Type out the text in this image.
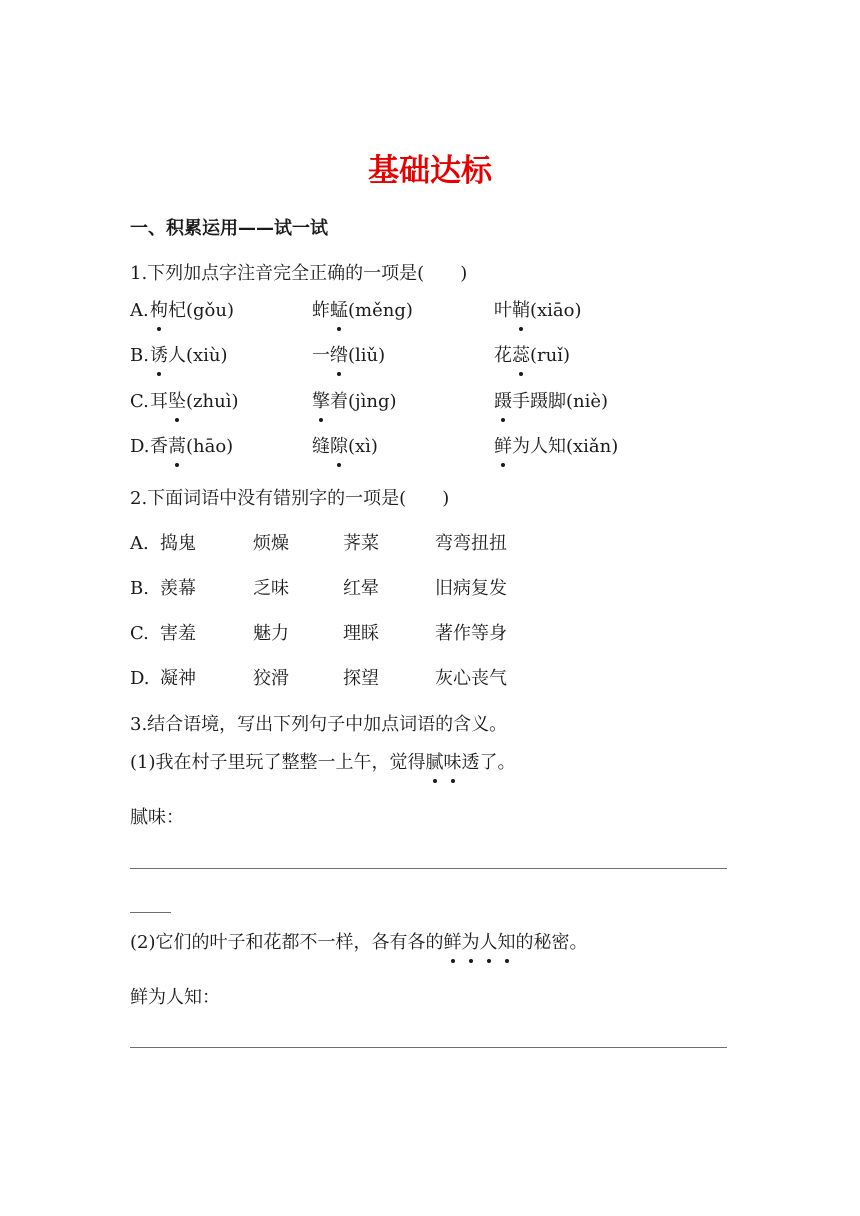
基础达标
一、积累运用——试一试
1.下列加点字注音完全正确的一项是(　　)
A. 枸杞(gǒu)	蚱蜢(měng)	叶鞘(xiāo)
B. 诱人(xiù)	一绺(liǔ)	花蕊(ruǐ)
C. 耳坠(zhuì)	擎着(jìng)	蹑手蹑脚(niè)
D. 香蒿(hāo)	缝隙(xì)	鲜为人知(xiǎn)
2.下面词语中没有错别字的一项是(　　)
A. 捣鬼	烦燥	荠菜	弯弯扭扭
B. 羡幕	乏味	红晕	旧病复发
C. 害羞	魅力	理睬	著作等身
D. 凝神	狡滑	探望	灰心丧气
3.结合语境，写出下列句子中加点词语的含义。
(1)我在村子里玩了整整一上午，觉得腻味透了。
腻味：
(2)它们的叶子和花都不一样，各有各的鲜为人知的秘密。
鲜为人知：
